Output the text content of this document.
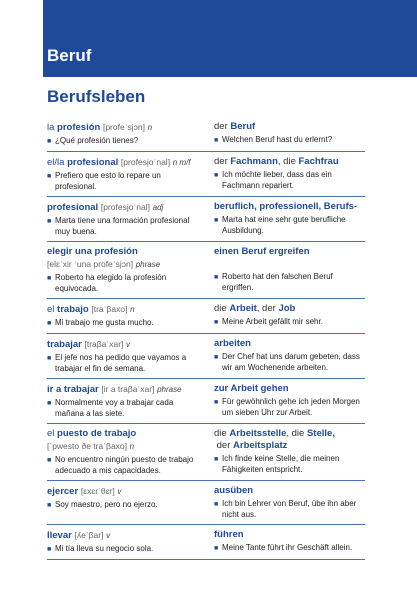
Beruf
Berufsleben
la profesión [profeˈsjɔn] n
■ ¿Qué profesión tienes?
der Beruf
■ Welchen Beruf hast du erlernt?
el/la profesional [profesjoˈnal] n m/f
■ Prefiero que esto lo repare un profesional.
der Fachmann, die Fachfrau
■ Ich möchte lieber, dass das ein Fachmann repariert.
profesional [profesjoˈnal] adj
■ Marta tiene una formación profesional muy buena.
beruflich, professionell, Berufs-
■ Marta hat eine sehr gute berufliche Ausbildung.
elegir una profesión
[elɛˈxir ˈuna profeˈsjɔn] phrase
■ Roberto ha elegido la profesión equivocada.
einen Beruf ergreifen

■ Roberto hat den falschen Beruf ergriffen.
el trabajo [traˈβaxo] n
■ Mi trabajo me gusta mucho.
die Arbeit, der Job
■ Meine Arbeit gefällt mir sehr.
trabajar [traβaˈxar] v
■ El jefe nos ha pedido que vayamos a trabajar el fin de semana.
arbeiten
■ Der Chef hat uns darum gebeten, dass wir am Wochenende arbeiten.
ir a trabajar [ir a traβaˈxar] phrase
■ Normalmente voy a trabajar cada mañana a las siete.
zur Arbeit gehen
■ Für gewöhnlich gehe ich jeden Morgen um sieben Uhr zur Arbeit.
el puesto de trabajo
[ˈpwesto ðe traˈβaxo] n
■ No encuentro ningún puesto de trabajo adecuado a mis capacidades.
die Arbeitsstelle, die Stelle,
der Arbeitsplatz
■ Ich finde keine Stelle, die meinen Fähigkeiten entspricht.
ejercer [ɛxɛrˈθɛr] v
■ Soy maestro, pero no ejerzo.
ausüben
■ Ich bin Lehrer von Beruf, übe ihn aber nicht aus.
llevar [ʎeˈβar] v
■ Mi tía lleva su negocio sola.
führen
■ Meine Tante führt ihr Geschäft allein.
